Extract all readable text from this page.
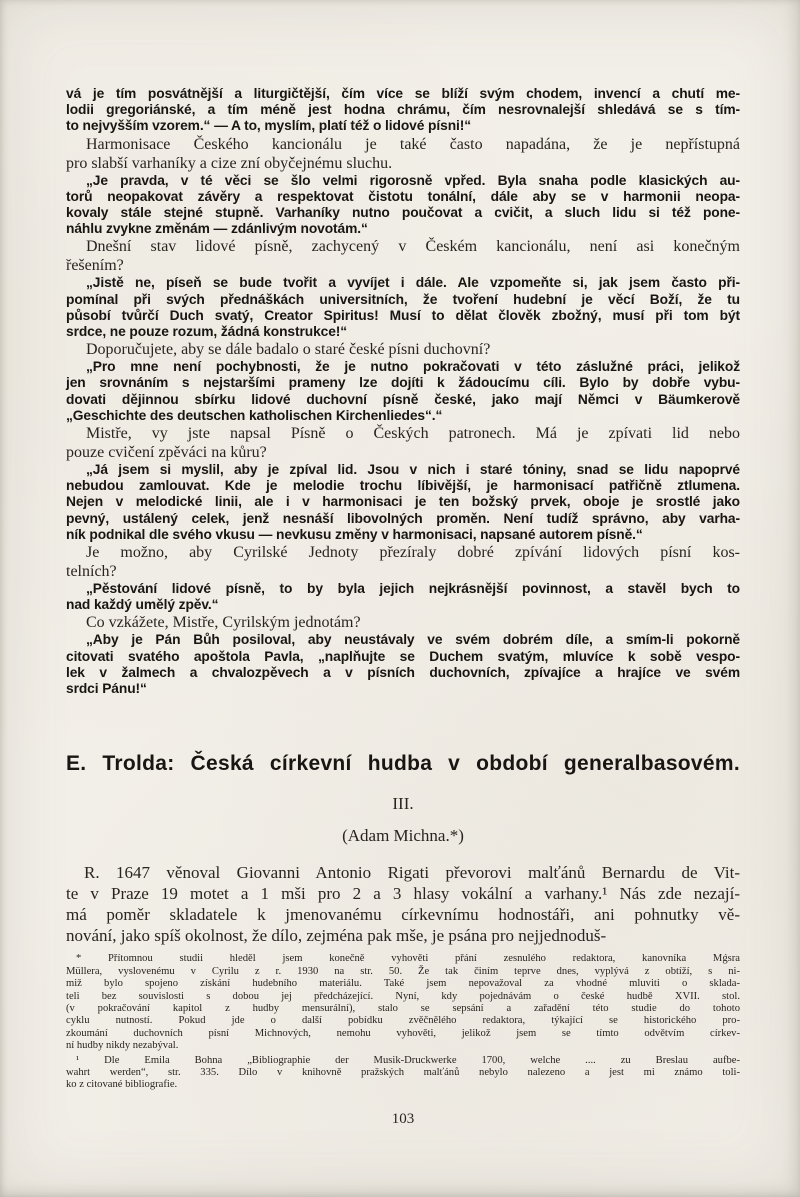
vá je tím posvátnější a liturgičtější, čím více se blíží svým chodem, invencí a chutí me-
lodii gregoriánské, a tím méně jest hodna chrámu, čím nesrovnalejší shledává se s tím-
to nejvyšším vzorem.“ — A to, myslím, platí též o lidové písni!“
Harmonisace Českého kancionálu je také často napadána, že je nepřístupná
pro slabší varhaníky a cize zní obyčejnému sluchu.
„Je pravda, v té věci se šlo velmi rigorosně vpřed. Byla snaha podle klasických au-
torů neopakovat závěry a respektovat čistotu tonální, dále aby se v harmonii neopa-
kovaly stále stejné stupně. Varhaníky nutno poučovat a cvičit, a sluch lidu si též pone-
náhlu zvykne změnám — zdánlivým novotám.“
Dnešní stav lidové písně, zachycený v Českém kancionálu, není asi konečným
řešením?
„Jistě ne, píseň se bude tvořit a vyvíjet i dále. Ale vzpomeňte si, jak jsem často při-
pomínal při svých přednáškách universitních, že tvoření hudební je věcí Boží, že tu
působí tvůrčí Duch svatý, Creator Spiritus! Musí to dělat člověk zbožný, musí při tom být
srdce, ne pouze rozum, žádná konstrukce!“
Doporučujete, aby se dále badalo o staré české písni duchovní?
„Pro mne není pochybnosti, že je nutno pokračovati v této záslužné práci, jelikož
jen srovnáním s nejstaršími prameny lze dojíti k žádoucímu cíli. Bylo by dobře vybu-
dovati dějinnou sbírku lidové duchovní písně české, jako mají Němci v Bäumkerově
„Geschichte des deutschen katholischen Kirchenliedes“.“
Mistře, vy jste napsal Písně o Českých patronech. Má je zpívati lid nebo
pouze cvičení zpěváci na kůru?
„Já jsem si myslil, aby je zpíval lid. Jsou v nich i staré tóniny, snad se lidu napoprvé
nebudou zamlouvat. Kde je melodie trochu líbivější, je harmonisací patřičně ztlumena.
Nejen v melodické linii, ale i v harmonisaci je ten božský prvek, oboje je srostlé jako
pevný, ustálený celek, jenž nesnáší libovolných proměn. Není tudíž správno, aby varha-
ník podnikal dle svého vkusu — nevkusu změny v harmonisaci, napsané autorem písně.“
Je možno, aby Cyrilské Jednoty přezíraly dobré zpívání lidových písní kos-
telních?
„Pěstování lidové písně, to by byla jejich nejkrásnější povinnost, a stavěl bych to
nad každý umělý zpěv.“
Co vzkážete, Mistře, Cyrilským jednotám?
„Aby je Pán Bůh posiloval, aby neustávaly ve svém dobrém díle, a smím-li pokorně
citovati svatého apoštola Pavla, „naplňujte se Duchem svatým, mluvíce k sobě vespo-
lek v žalmech a chvalozpěvech a v písních duchovních, zpívajíce a hrajíce ve svém
srdci Pánu!“
E. Trolda: Česká církevní hudba v období generalbasovém.
III.
(Adam Michna.*)
R. 1647 věnoval Giovanni Antonio Rigati převorovi malťánů Bernardu de Vit-
te v Praze 19 motet a 1 mši pro 2 a 3 hlasy vokální a varhany.¹ Nás zde nezají-
má poměr skladatele k jmenovanému církevnímu hodnostáři, ani pohnutky vě-
nování, jako spíš okolnost, že dílo, zejména pak mše, je psána pro nejjednoduš-
* Přítomnou studii hleděl jsem konečně vyhověti přání zesnulého redaktora, kanovníka Mǵsra
Müllera, vyslovenému v Cyrilu z r. 1930 na str. 50. Že tak činím teprve dnes, vyplývá z obtíží, s ni-
miž bylo spojeno získání hudebního materiálu. Také jsem nepovažoval za vhodné mluviti o sklada-
teli bez souvislosti s dobou jej předcházející. Nyní, kdy pojednávám o české hudbě XVII. stol.
(v pokračování kapitol z hudby mensurální), stalo se sepsání a zařadění této studie do tohoto
cyklu nutností. Pokud jde o další pobídku zvěčnělého redaktora, týkající se historického pro-
zkoumání duchovních písní Michnových, nemohu vyhověti, jelikož jsem se tímto odvětvím církev-
ní hudby nikdy nezabýval.
¹ Dle Emila Bohna „Bibliographie der Musik-Druckwerke 1700, welche .... zu Breslau aufbe-
wahrt werden“, str. 335. Dílo v knihovně pražských malťánů nebylo nalezeno a jest mi známo toli-
ko z citované bibliografie.
103
